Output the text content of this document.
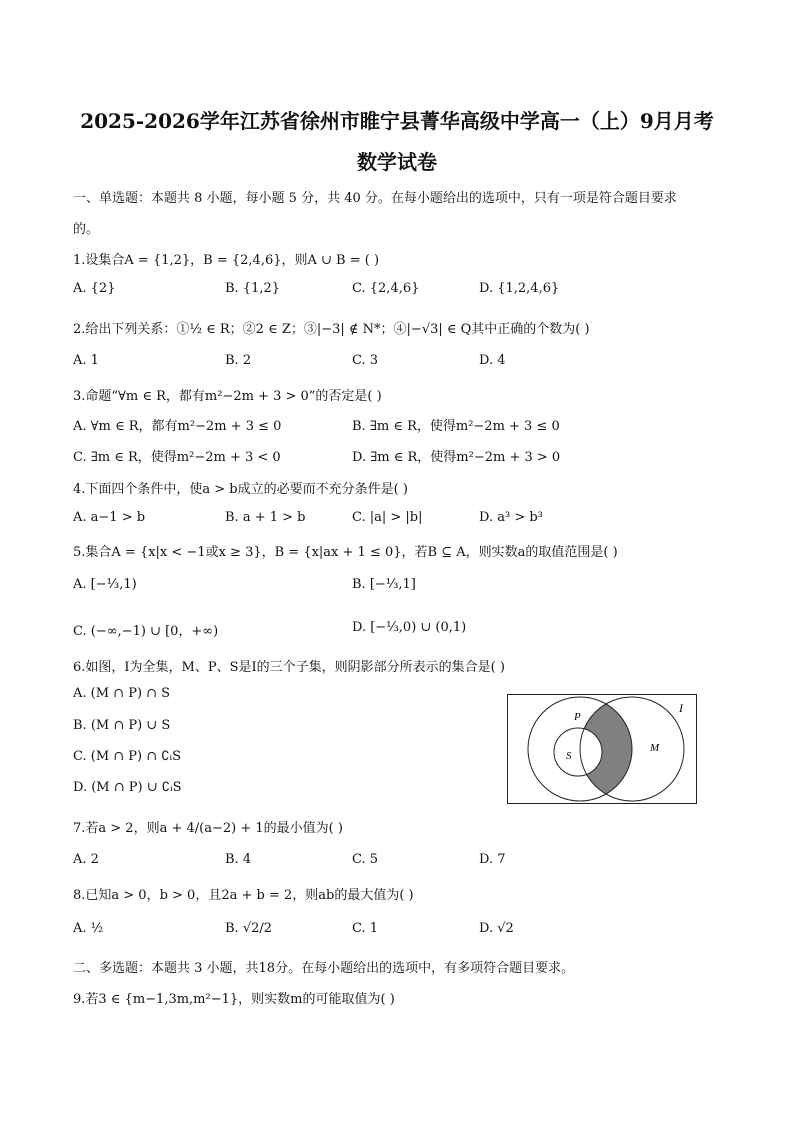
2025-2026学年江苏省徐州市睢宁县菁华高级中学高一（上）9月月考
数学试卷
一、单选题：本题共 8 小题，每小题 5 分，共 40 分。在每小题给出的选项中，只有一项是符合题目要求
的。
1.设集合A = {1,2}，B = {2,4,6}，则A ∪ B = ( )
A. {2}	B. {1,2}	C. {2,4,6}	D. {1,2,4,6}
2.给出下列关系：①½ ∈ R；②2 ∈ Z；③|−3| ∉ N*；④|−√3| ∈ Q其中正确的个数为( )
A. 1	B. 2	C. 3	D. 4
3.命题“∀m ∈ R，都有m²−2m + 3 > 0”的否定是( )
A. ∀m ∈ R，都有m²−2m + 3 ≤ 0	B. ∃m ∈ R，使得m²−2m + 3 ≤ 0
C. ∃m ∈ R，使得m²−2m + 3 < 0	D. ∃m ∈ R，使得m²−2m + 3 > 0
4.下面四个条件中，使a > b成立的必要而不充分条件是( )
A. a−1 > b	B. a + 1 > b	C. |a| > |b|	D. a³ > b³
5.集合A = {x|x < −1或x ≥ 3}，B = {x|ax + 1 ≤ 0}，若B ⊆ A，则实数a的取值范围是( )
A. [−⅓,1)	B. [−⅓,1]
C. (−∞,−1) ∪ [0，+∞)	D. [−⅓,0) ∪ (0,1)
6.如图，I为全集，M、P、S是I的三个子集，则阴影部分所表示的集合是( )
A. (M ∩ P) ∩ S
B. (M ∩ P) ∪ S
C. (M ∩ P) ∩ ∁ᵢS
D. (M ∩ P) ∪ ∁ᵢS
I
P
M
S
7.若a > 2，则a + 4/(a−2) + 1的最小值为( )
A. 2	B. 4	C. 5	D. 7
8.已知a > 0，b > 0，且2a + b = 2，则ab的最大值为( )
A. ½	B. √2/2	C. 1	D. √2
二、多选题：本题共 3 小题，共18分。在每小题给出的选项中，有多项符合题目要求。
9.若3 ∈ {m−1,3m,m²−1}，则实数m的可能取值为( )
